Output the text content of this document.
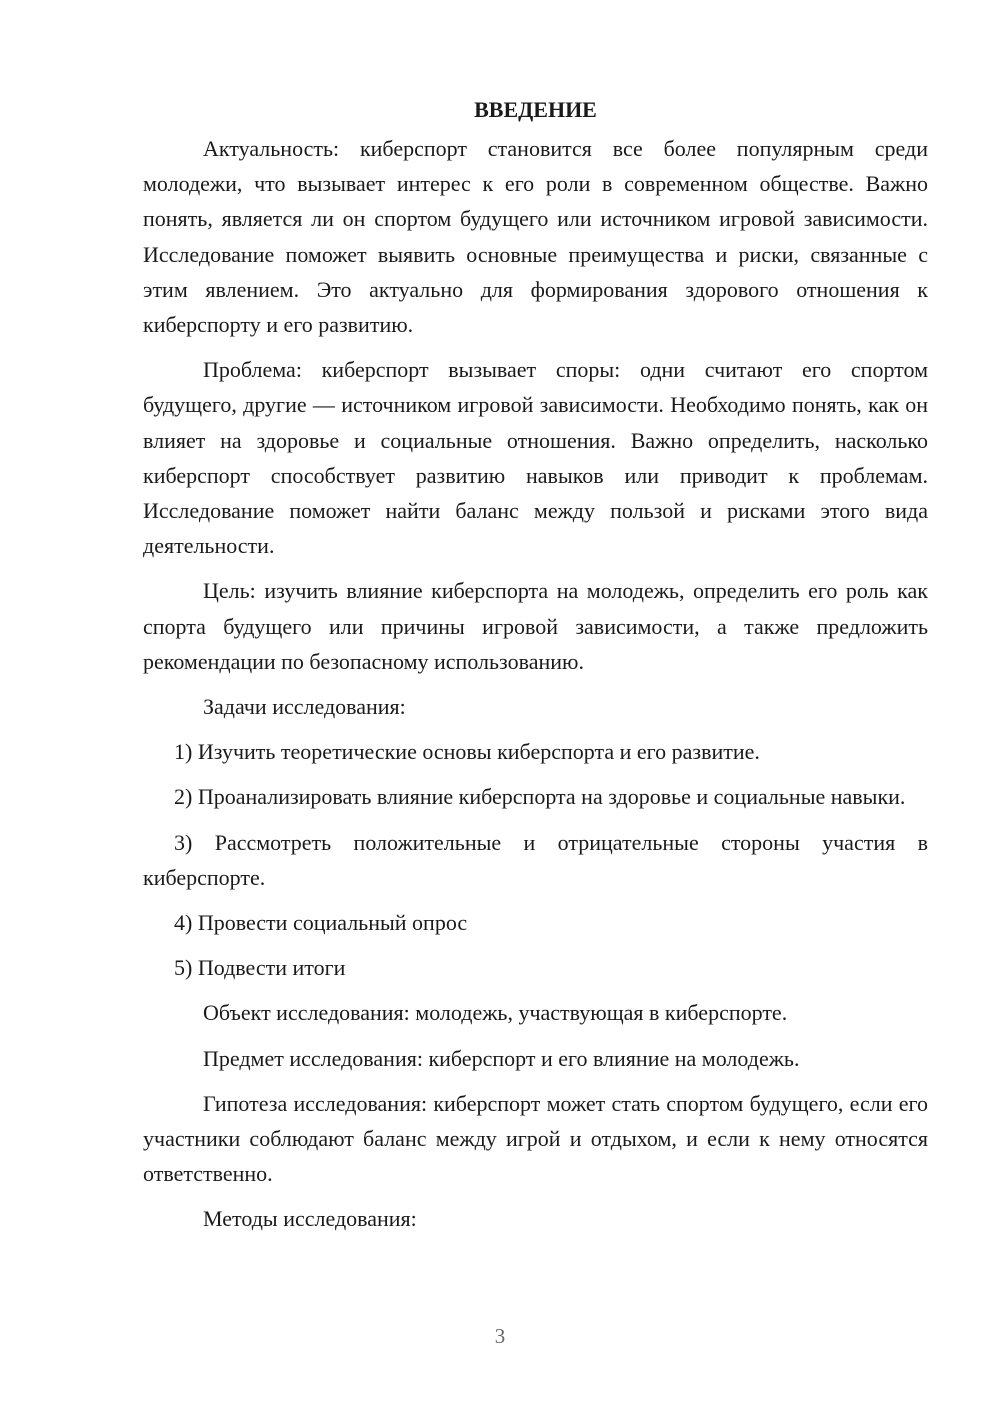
ВВЕДЕНИЕ

Актуальность: киберспорт становится все более популярным среди молодежи, что вызывает интерес к его роли в современном обществе. Важно понять, является ли он спортом будущего или источником игровой зависимости. Исследование поможет выявить основные преимущества и риски, связанные с этим явлением. Это актуально для формирования здорового отношения к киберспорту и его развитию.

Проблема: киберспорт вызывает споры: одни считают его спортом будущего, другие — источником игровой зависимости. Необходимо понять, как он влияет на здоровье и социальные отношения. Важно определить, насколько киберспорт способствует развитию навыков или приводит к проблемам. Исследование поможет найти баланс между пользой и рисками этого вида деятельности.

Цель: изучить влияние киберспорта на молодежь, определить его роль как спорта будущего или причины игровой зависимости, а также предложить рекомендации по безопасному использованию.

Задачи исследования:

1) Изучить теоретические основы киберспорта и его развитие.

2) Проанализировать влияние киберспорта на здоровье и социальные навыки.

3) Рассмотреть положительные и отрицательные стороны участия в киберспорте.

4) Провести социальный опрос

5) Подвести итоги

Объект исследования: молодежь, участвующая в киберспорте.

Предмет исследования: киберспорт и его влияние на молодежь.

Гипотеза исследования: киберспорт может стать спортом будущего, если его участники соблюдают баланс между игрой и отдыхом, и если к нему относятся ответственно.

Методы исследования:

3
